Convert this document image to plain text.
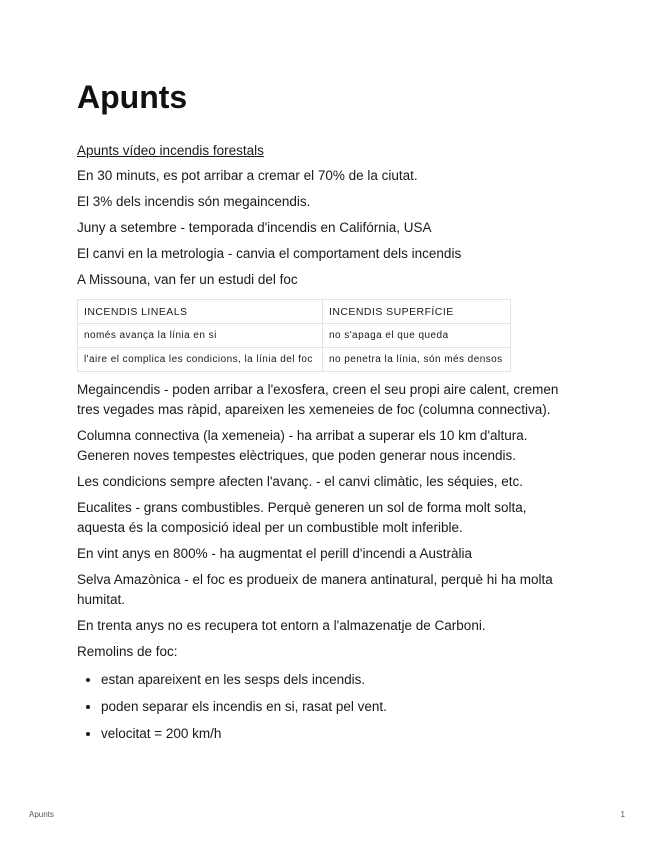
Apunts
Apunts vídeo incendis forestals
En 30 minuts, es pot arribar a cremar el 70% de la ciutat.
El 3% dels incendis són megaincendis.
Juny a setembre - temporada d'incendis en Califórnia, USA
El canvi en la metrologia - canvia el comportament dels incendis
A Missouna, van fer un estudi del foc
INCENDIS LINEALS	INCENDIS SUPERFÍCIE
només avança la línia en si	no s'apaga el que queda
l'aire el complica les condicions, la línia del foc	no penetra la línia, són més densos
Megaincendis - poden arribar a l'exosfera, creen el seu propi aire calent, cremen tres vegades mas ràpid, apareixen les xemeneies de foc (columna connectiva).
Columna connectiva (la xemeneia) - ha arribat a superar els 10 km d'altura. Generen noves tempestes elèctriques, que poden generar nous incendis.
Les condicions sempre afecten l'avanç. - el canvi climàtic, les séquies, etc.
Eucalites - grans combustibles. Perquè generen un sol de forma molt solta, aquesta és la composició ideal per un combustible molt inferible.
En vint anys en 800% - ha augmentat el perill d'incendi a Austràlia
Selva Amazònica - el foc es produeix de manera antinatural, perquè hi ha molta humitat.
En trenta anys no es recupera tot entorn a l'almazenatje de Carboni.
Remolins de foc:
• estan apareixent en les sesps dels incendis.
• poden separar els incendis en si, rasat pel vent.
• velocitat = 200 km/h
Apunts	1
